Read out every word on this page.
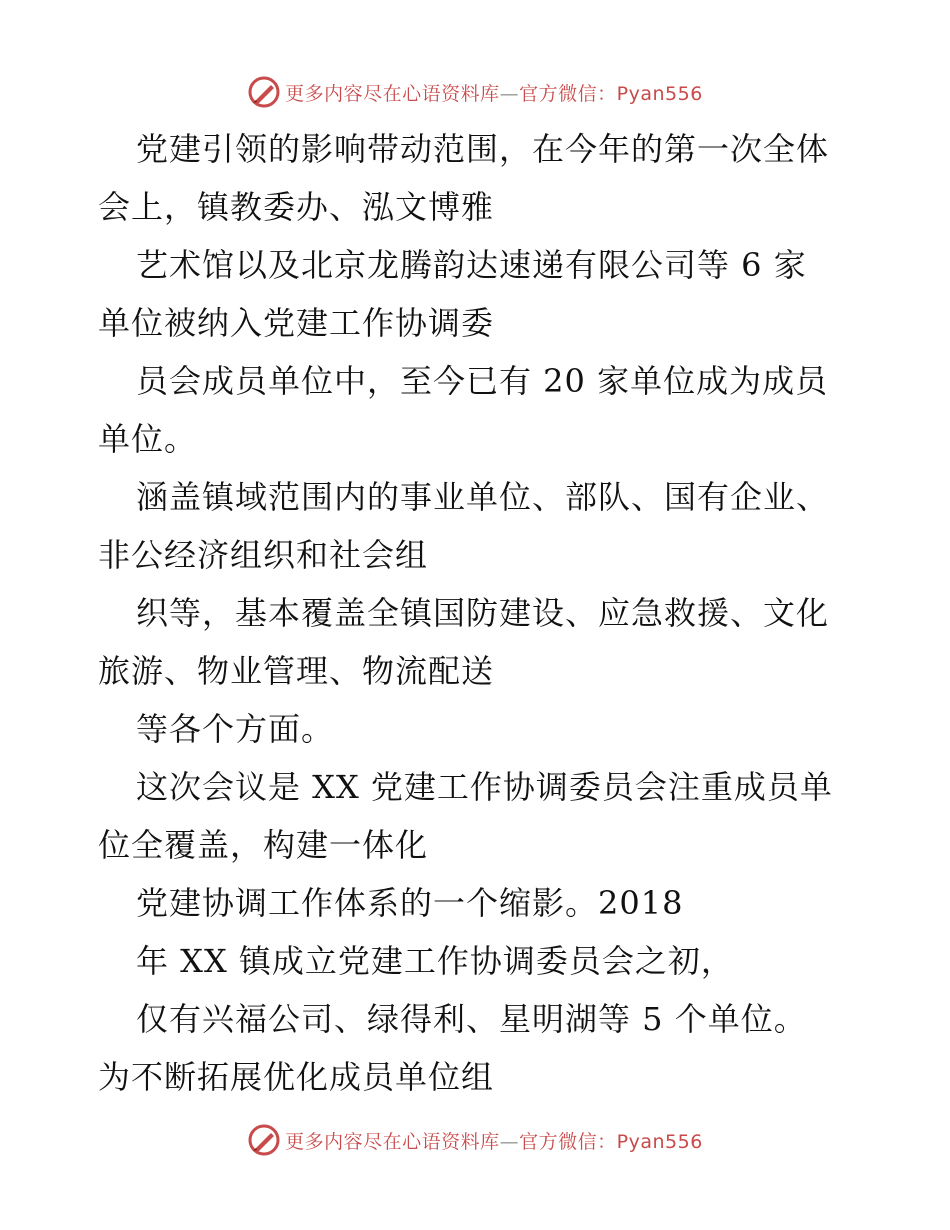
更多内容尽在心语资料库—官方微信：Pyan556
党建引领的影响带动范围，在今年的第一次全体
会上，镇教委办、泓文博雅
艺术馆以及北京龙腾韵达速递有限公司等 6 家
单位被纳入党建工作协调委
员会成员单位中，至今已有 20 家单位成为成员
单位。
涵盖镇域范围内的事业单位、部队、国有企业、
非公经济组织和社会组
织等，基本覆盖全镇国防建设、应急救援、文化
旅游、物业管理、物流配送
等各个方面。
这次会议是 XX 党建工作协调委员会注重成员单
位全覆盖，构建一体化
党建协调工作体系的一个缩影。2018
年 XX 镇成立党建工作协调委员会之初，
仅有兴福公司、绿得利、星明湖等 5 个单位。
为不断拓展优化成员单位组
更多内容尽在心语资料库—官方微信：Pyan556
